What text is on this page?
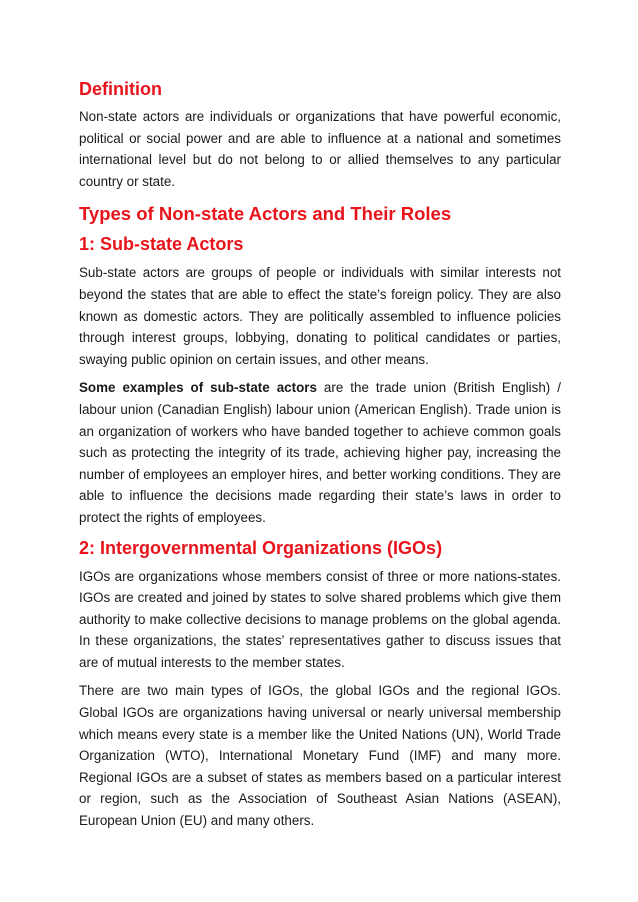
Definition

Non-state actors are individuals or organizations that have powerful economic, political or social power and are able to influence at a national and sometimes international level but do not belong to or allied themselves to any particular country or state.

Types of Non-state Actors and Their Roles
1: Sub-state Actors

Sub-state actors are groups of people or individuals with similar interests not beyond the states that are able to effect the state’s foreign policy. They are also known as domestic actors. They are politically assembled to influence policies through interest groups, lobbying, donating to political candidates or parties, swaying public opinion on certain issues, and other means.

Some examples of sub-state actors are the trade union (British English) / labour union (Canadian English) labour union (American English). Trade union is an organization of workers who have banded together to achieve common goals such as protecting the integrity of its trade, achieving higher pay, increasing the number of employees an employer hires, and better working conditions. They are able to influence the decisions made regarding their state’s laws in order to protect the rights of employees.

2: Intergovernmental Organizations (IGOs)

IGOs are organizations whose members consist of three or more nations-states. IGOs are created and joined by states to solve shared problems which give them authority to make collective decisions to manage problems on the global agenda. In these organizations, the states’ representatives gather to discuss issues that are of mutual interests to the member states.

There are two main types of IGOs, the global IGOs and the regional IGOs. Global IGOs are organizations having universal or nearly universal membership which means every state is a member like the United Nations (UN), World Trade Organization (WTO), International Monetary Fund (IMF) and many more. Regional IGOs are a subset of states as members based on a particular interest or region, such as the Association of Southeast Asian Nations (ASEAN), European Union (EU) and many others.
